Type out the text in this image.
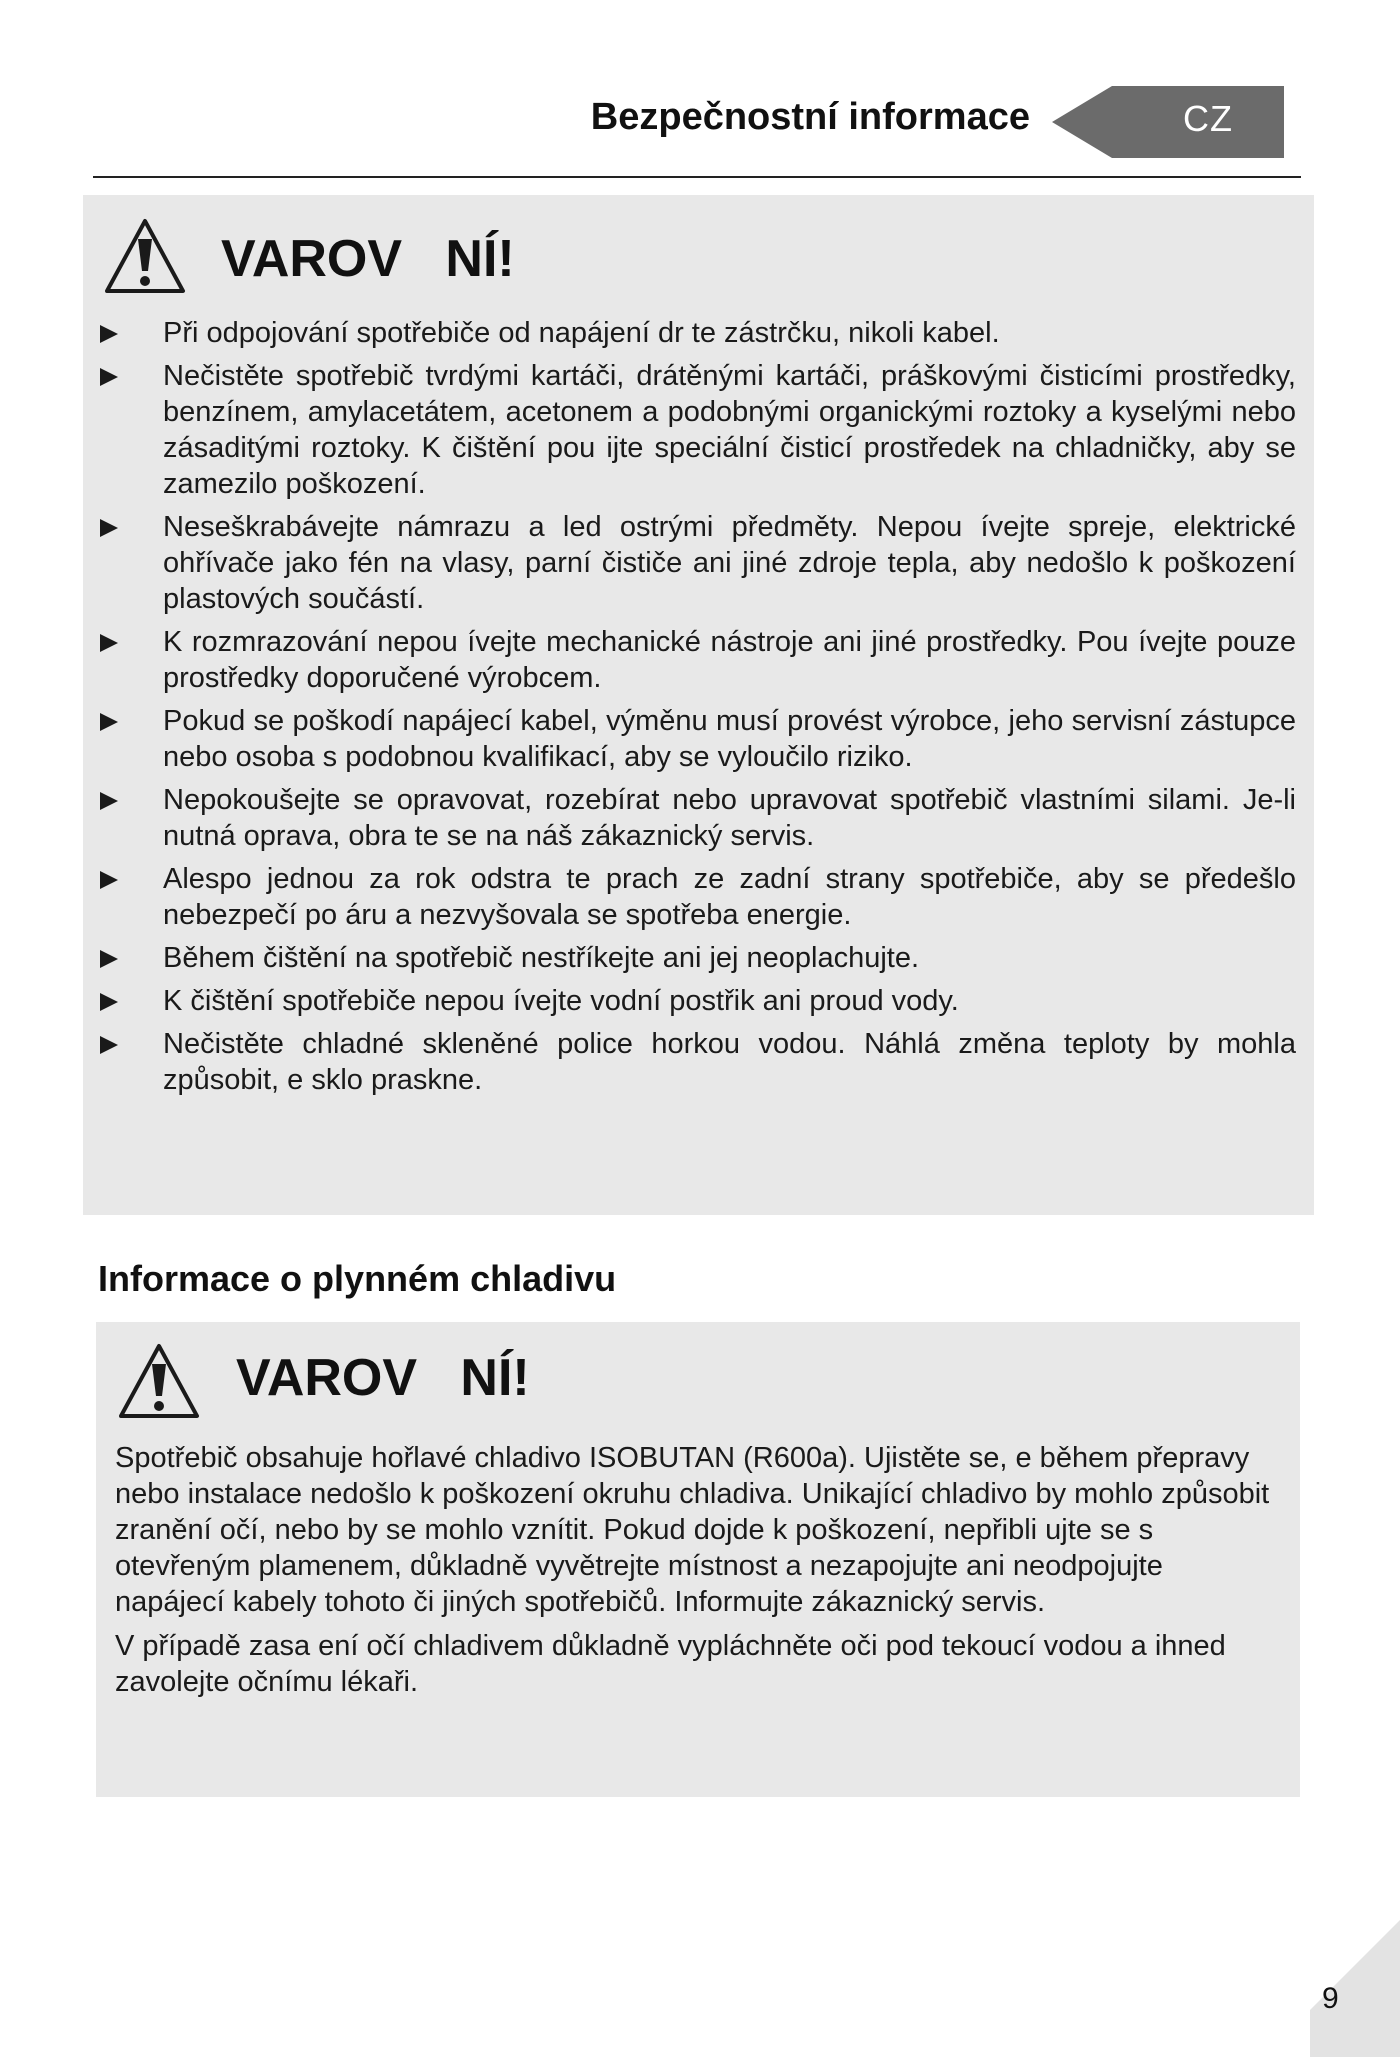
Bezpečnostní informace	CZ
VAROV   NÍ!
Při odpojování spotřebiče od napájení dr te zástrčku, nikoli kabel.
Nečistěte spotřebič tvrdými kartáči, drátěnými kartáči, práškovými čisticími prostředky, benzínem, amylacetátem, acetonem a podobnými organickými roztoky a kyselými nebo zásaditými roztoky. K čištění pou ijte speciální čisticí prostředek na chladničky, aby se zamezilo poškození.
Neseškrabávejte námrazu a led ostrými předměty. Nepou ívejte spreje, elektrické ohřívače jako fén na vlasy, parní čističe ani jiné zdroje tepla, aby nedošlo k poškození plastových součástí.
K rozmrazování nepou ívejte mechanické nástroje ani jiné prostředky. Pou ívejte pouze prostředky doporučené výrobcem.
Pokud se poškodí napájecí kabel, výměnu musí provést výrobce, jeho servisní zástupce nebo osoba s podobnou kvalifikací, aby se vyloučilo riziko.
Nepokoušejte se opravovat, rozebírat nebo upravovat spotřebič vlastními silami. Je-li nutná oprava, obra te se na náš zákaznický servis.
Alespo jednou za rok odstra te prach ze zadní strany spotřebiče, aby se předešlo nebezpečí po áru a nezvyšovala se spotřeba energie.
Během čištění na spotřebič nestříkejte ani jej neoplachujte.
K čištění spotřebiče nepou ívejte vodní postřik ani proud vody.
Nečistěte chladné skleněné police horkou vodou. Náhlá změna teploty by mohla způsobit, e sklo praskne.
Informace o plynném chladivu
VAROV   NÍ!

Spotřebič obsahuje hořlavé chladivo ISOBUTAN (R600a). Ujistěte se, e během přepravy nebo instalace nedošlo k poškození okruhu chladiva. Unikající chladivo by mohlo způsobit zranění očí, nebo by se mohlo vznítit. Pokud dojde k poškození, nepřibli ujte se s otevřeným plamenem, důkladně vyvětrejte místnost a nezapojujte ani neodpojujte napájecí kabely tohoto či jiných spotřebičů. Informujte zákaznický servis.

V případě zasa ení očí chladivem důkladně vypláchněte oči pod tekoucí vodou a ihned zavolejte očnímu lékaři.

9
